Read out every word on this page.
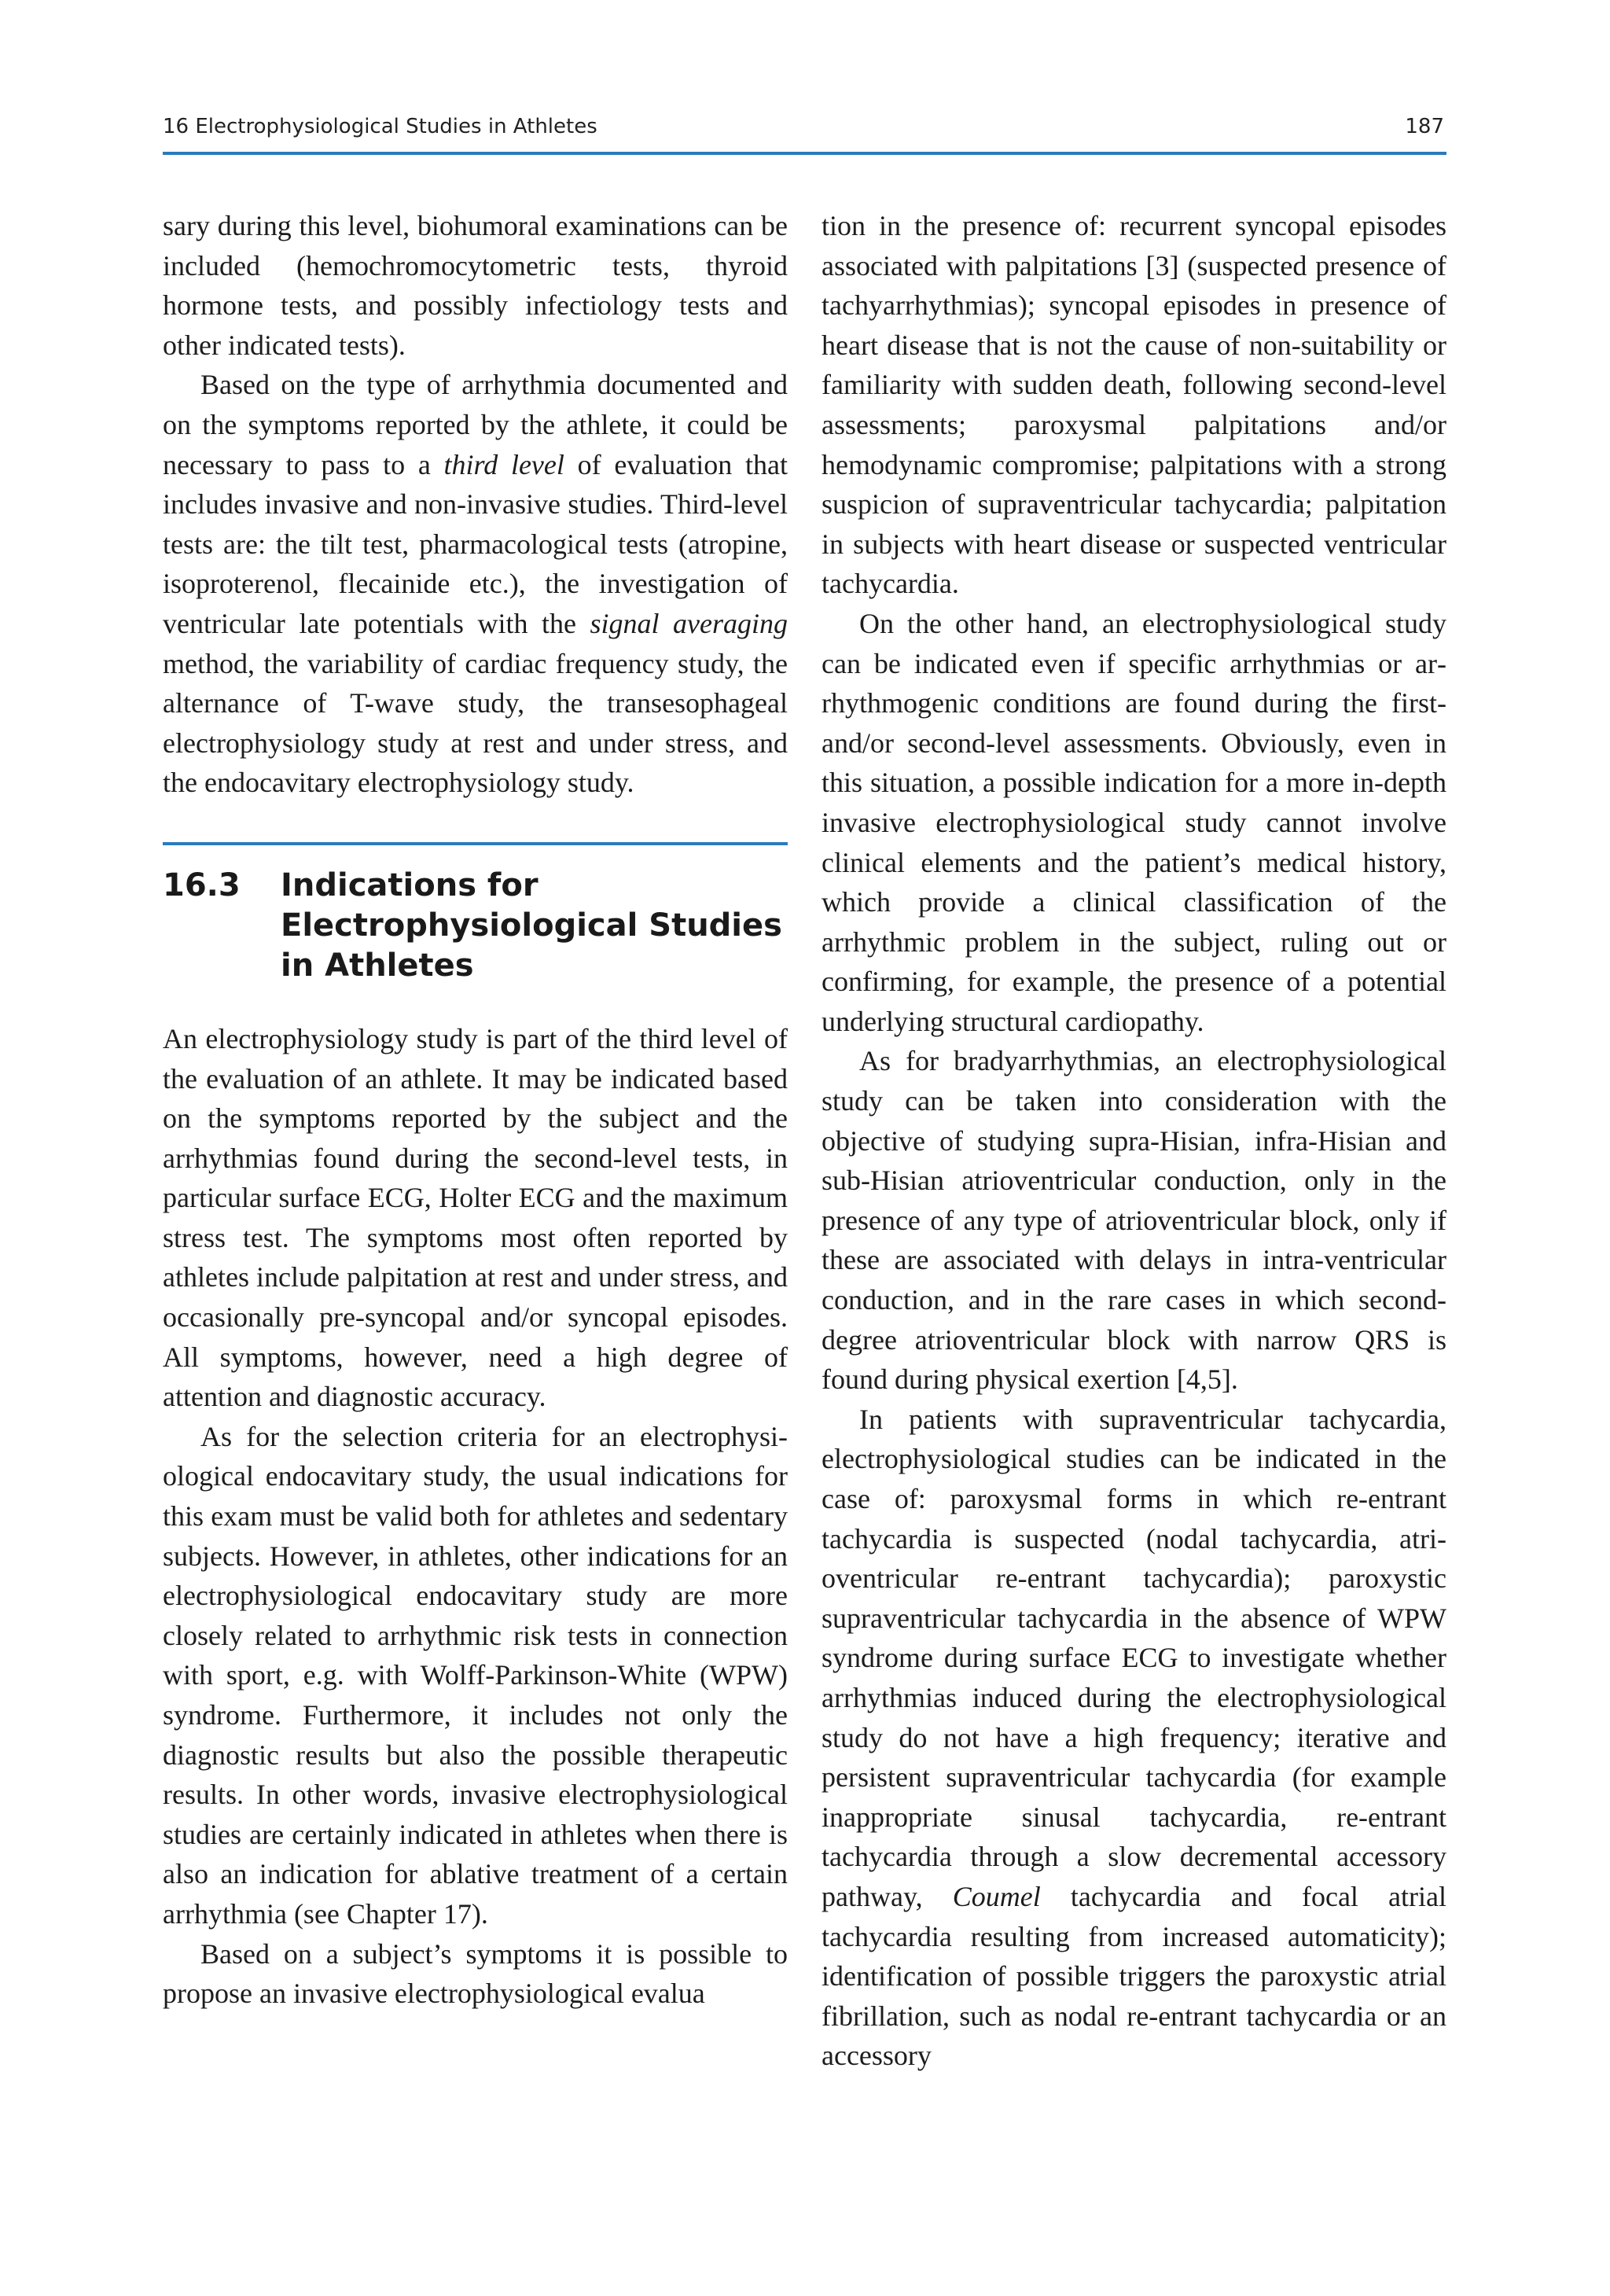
16 Electrophysiological Studies in Athletes	187

sary during this level, biohumoral examinations can be included (hemochromocytometric tests, thyroid hormone tests, and possibly infectiology tests and other indicated tests).

Based on the type of arrhythmia documented and on the symptoms reported by the athlete, it could be necessary to pass to a third level of evaluation that includes invasive and non-invasive studies. Third-level tests are: the tilt test, pharmacological tests (atropine, isoproterenol, flecainide etc.), the investigation of ventricular late potentials with the signal averaging method, the variability of cardiac frequency study, the alternance of T-wave study, the transesophageal electrophysiology study at rest and under stress, and the endocavitary electrophysiology study.

16.3	Indications for Electrophysiological Studies in Athletes

An electrophysiology study is part of the third level of the evaluation of an athlete. It may be indicated based on the symptoms reported by the subject and the arrhythmias found during the second-level tests, in particular surface ECG, Holter ECG and the maximum stress test. The symptoms most often reported by athletes include palpitation at rest and under stress, and occasionally pre-syncopal and/or syncopal episodes. All symptoms, however, need a high degree of attention and diagnostic accuracy.

As for the selection criteria for an electrophysiological endocavitary study, the usual indications for this exam must be valid both for athletes and sedentary subjects. However, in athletes, other indications for an electrophysiological endocavitary study are more closely related to arrhythmic risk tests in connection with sport, e.g. with Wolff-Parkinson-White (WPW) syndrome. Furthermore, it includes not only the diagnostic results but also the possible therapeutic results. In other words, invasive electrophysiological studies are certainly indicated in athletes when there is also an indication for ablative treatment of a certain arrhythmia (see Chapter 17).

Based on a subject’s symptoms it is possible to propose an invasive electrophysiological evalua

tion in the presence of: recurrent syncopal episodes associated with palpitations [3] (suspected presence of tachyarrhythmias); syncopal episodes in presence of heart disease that is not the cause of non-suitability or familiarity with sudden death, following second-level assessments; paroxysmal palpitations and/or hemodynamic compromise; palpitations with a strong suspicion of supraventricular tachycardia; palpitation in subjects with heart disease or suspected ventricular tachycardia.

On the other hand, an electrophysiological study can be indicated even if specific arrhythmias or arrhythmogenic conditions are found during the first-and/or second-level assessments. Obviously, even in this situation, a possible indication for a more in-depth invasive electrophysiological study cannot involve clinical elements and the patient’s medical history, which provide a clinical classification of the arrhythmic problem in the subject, ruling out or confirming, for example, the presence of a potential underlying structural cardiopathy.

As for bradyarrhythmias, an electrophysiological study can be taken into consideration with the objective of studying supra-Hisian, infra-Hisian and sub-Hisian atrioventricular conduction, only in the presence of any type of atrioventricular block, only if these are associated with delays in intra-ventricular conduction, and in the rare cases in which second-degree atrioventricular block with narrow QRS is found during physical exertion [4,5].

In patients with supraventricular tachycardia, electrophysiological studies can be indicated in the case of: paroxysmal forms in which re-entrant tachycardia is suspected (nodal tachycardia, atrioventricular re-entrant tachycardia); paroxystic supraventricular tachycardia in the absence of WPW syndrome during surface ECG to investigate whether arrhythmias induced during the electrophysiological study do not have a high frequency; iterative and persistent supraventricular tachycardia (for example inappropriate sinusal tachycardia, re-entrant tachycardia through a slow decremental accessory pathway, Coumel tachycardia and focal atrial tachycardia resulting from increased automaticity); identification of possible triggers the paroxystic atrial fibrillation, such as nodal re-entrant tachycardia or an accessory
